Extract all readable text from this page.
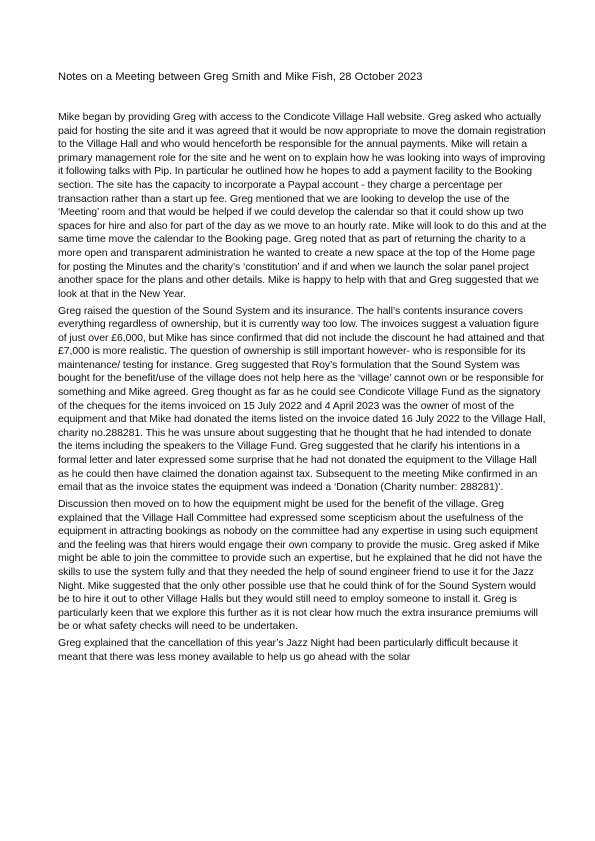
Notes on a Meeting between Greg Smith and Mike Fish, 28 October 2023

Mike began by providing Greg with access to the Condicote Village Hall website. Greg asked who actually paid for hosting the site and it was agreed that it would be now appropriate to move the domain registration to the Village Hall and who would henceforth be responsible for the annual payments. Mike will retain a primary management role for the site and he went on to explain how he was looking into ways of improving it following talks with Pip. In particular he outlined how he hopes to add a payment facility to the Booking section. The site has the capacity to incorporate a Paypal account - they charge a percentage per transaction rather than a start up fee. Greg mentioned that we are looking to develop the use of the ‘Meeting’ room and that would be helped if we could develop the calendar so that it could show up two spaces for hire and also for part of the day as we move to an hourly rate. Mike will look to do this and at the same time move the calendar to the Booking page. Greg noted that as part of returning the charity to a more open and transparent administration he wanted to create a new space at the top of the Home page for posting the Minutes and the charity’s ‘constitution’ and if and when we launch the solar panel project another space for the plans and other details. Mike is happy to help with that and Greg suggested that we look at that in the New Year.

Greg raised the question of the Sound System and its insurance. The hall’s contents insurance covers everything regardless of ownership, but it is currently way too low. The invoices suggest a valuation figure of just over £6,000, but Mike has since confirmed that did not include the discount he had attained and that £7,000 is more realistic. The question of ownership is still important however- who is responsible for its maintenance/ testing for instance. Greg suggested that Roy’s formulation that the Sound System was bought for the benefit/use of the village does not help here as the ‘village’ cannot own or be responsible for something and Mike agreed. Greg thought as far as he could see Condicote Village Fund as the signatory of the cheques for the items invoiced on 15 July 2022 and 4 April 2023 was the owner of most of the equipment and that Mike had donated the items listed on the invoice dated 16 July 2022 to the Village Hall, charity no.288281. This he was unsure about suggesting that he thought that he had intended to donate the items including the speakers to the Village Fund. Greg suggested that he clarify his intentions in a formal letter and later expressed some surprise that he had not donated the equipment to the Village Hall as he could then have claimed the donation against tax. Subsequent to the meeting Mike confirmed in an email that as the invoice states the equipment was indeed a ‘Donation (Charity number: 288281)’.

Discussion then moved on to how the equipment might be used for the benefit of the village. Greg explained that the Village Hall Committee had expressed some scepticism about the usefulness of the equipment in attracting bookings as nobody on the committee had any expertise in using such equipment and the feeling was that hirers would engage their own company to provide the music. Greg asked if Mike might be able to join the committee to provide such an expertise, but he explained that he did not have the skills to use the system fully and that they needed the help of sound engineer friend to use it for the Jazz Night. Mike suggested that the only other possible use that he could think of for the Sound System would be to hire it out to other Village Halls but they would still need to employ someone to install it. Greg is particularly keen that we explore this further as it is not clear how much the extra insurance premiums will be or what safety checks will need to be undertaken.

Greg explained that the cancellation of this year’s Jazz Night had been particularly difficult because it meant that there was less money available to help us go ahead with the solar
